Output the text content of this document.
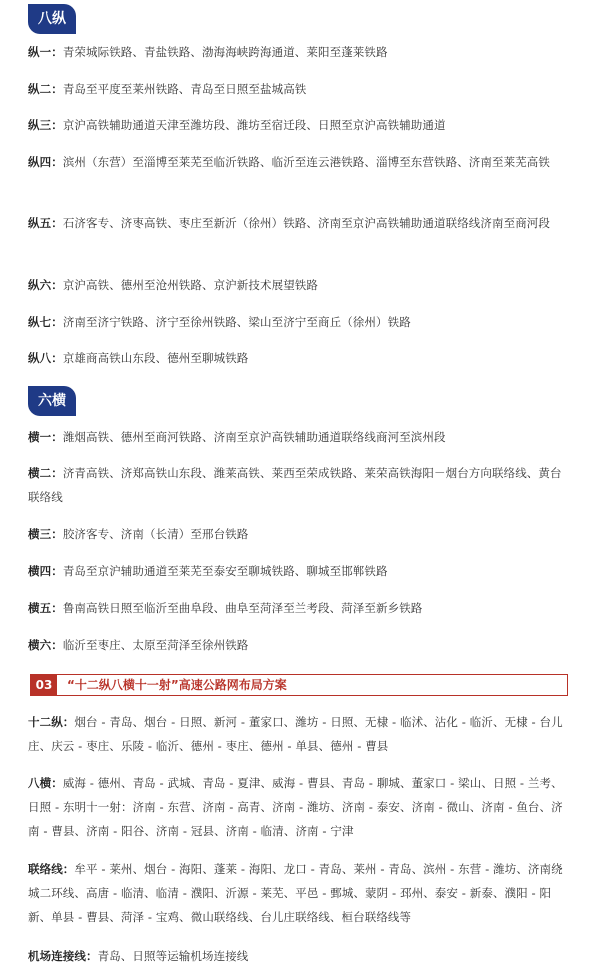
八纵
纵一：青荣城际铁路、青盐铁路、渤海海峡跨海通道、莱阳至蓬莱铁路
纵二：青岛至平度至莱州铁路、青岛至日照至盐城高铁
纵三：京沪高铁辅助通道天津至潍坊段、潍坊至宿迁段、日照至京沪高铁辅助通道
纵四：滨州（东营）至淄博至莱芜至临沂铁路、临沂至连云港铁路、淄博至东营铁路、济南至莱芜高铁
纵五：石济客专、济枣高铁、枣庄至新沂（徐州）铁路、济南至京沪高铁辅助通道联络线济南至商河段
纵六：京沪高铁、德州至沧州铁路、京沪新技术展望铁路
纵七：济南至济宁铁路、济宁至徐州铁路、梁山至济宁至商丘（徐州）铁路
纵八：京雄商高铁山东段、德州至聊城铁路
六横
横一：潍烟高铁、德州至商河铁路、济南至京沪高铁辅助通道联络线商河至滨州段
横二：济青高铁、济郑高铁山东段、潍莱高铁、莱西至荣成铁路、莱荣高铁海阳－烟台方向联络线、黄台联络线
横三：胶济客专、济南（长清）至邢台铁路
横四：青岛至京沪辅助通道至莱芜至泰安至聊城铁路、聊城至邯郸铁路
横五：鲁南高铁日照至临沂至曲阜段、曲阜至菏泽至兰考段、菏泽至新乡铁路
横六：临沂至枣庄、太原至菏泽至徐州铁路
03	“十二纵八横十一射”高速公路网布局方案
十二纵：烟台 - 青岛、烟台 - 日照、新河 - 董家口、潍坊 - 日照、无棣 - 临沭、沾化 - 临沂、无棣 - 台儿庄、庆云 - 枣庄、乐陵 - 临沂、德州 - 枣庄、德州 - 单县、德州 - 曹县
八横：威海 - 德州、青岛 - 武城、青岛 - 夏津、威海 - 曹县、青岛 - 聊城、董家口 - 梁山、日照 - 兰考、日照 - 东明十一射：济南 - 东营、济南 - 高青、济南 - 潍坊、济南 - 泰安、济南 - 微山、济南 - 鱼台、济南 - 曹县、济南 - 阳谷、济南 - 冠县、济南 - 临清、济南 - 宁津
联络线：牟平 - 莱州、烟台 - 海阳、蓬莱 - 海阳、龙口 - 青岛、莱州 - 青岛、滨州 - 东营 - 潍坊、济南绕城二环线、高唐 - 临清、临清 - 濮阳、沂源 - 莱芜、平邑 - 鄄城、蒙阴 - 邳州、泰安 - 新泰、濮阳 - 阳新、单县 - 曹县、菏泽 - 宝鸡、微山联络线、台儿庄联络线、桓台联络线等
机场连接线：青岛、日照等运输机场连接线
